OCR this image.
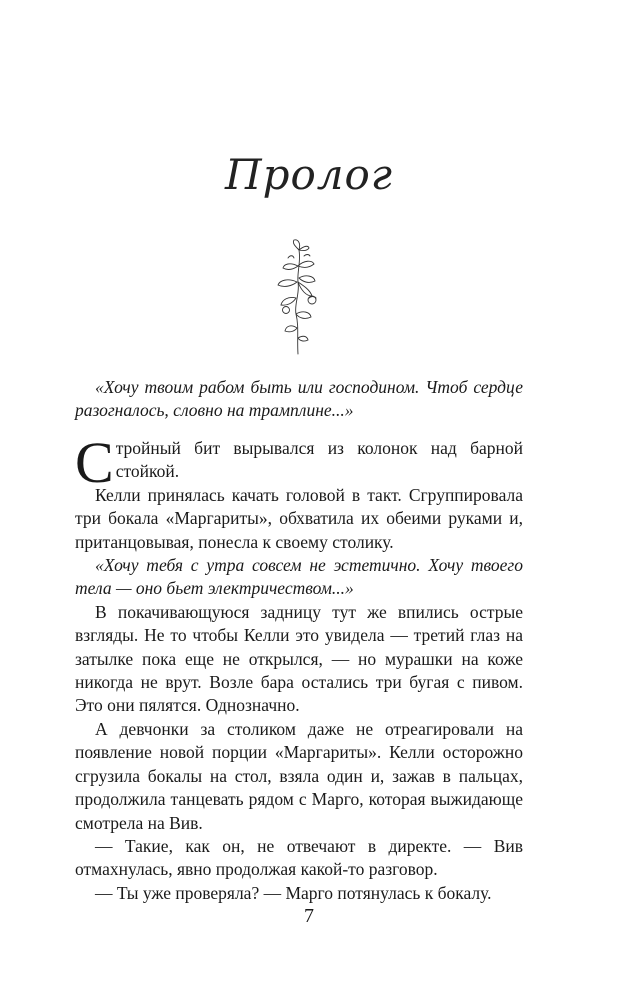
Пролог

«Хочу твоим рабом быть или господином. Чтоб сердце разогналось, словно на трамплине...»

Стройный бит вырывался из колонок над барной стойкой.

Келли принялась качать головой в такт. Сгруппировала три бокала «Маргариты», обхватила их обеими руками и, пританцовывая, понесла к своему столику.

«Хочу тебя с утра совсем не эстетично. Хочу твоего тела — оно бьет электричеством...»

В покачивающуюся задницу тут же впились острые взгляды. Не то чтобы Келли это увидела — третий глаз на затылке пока еще не открылся, — но мурашки на коже никогда не врут. Возле бара остались три бугая с пивом. Это они пялятся. Однозначно.

А девчонки за столиком даже не отреагировали на появление новой порции «Маргариты». Келли осторожно сгрузила бокалы на стол, взяла один и, зажав в пальцах, продолжила танцевать рядом с Марго, которая выжидающе смотрела на Вив.

— Такие, как он, не отвечают в директе. — Вив отмахнулась, явно продолжая какой-то разговор.

— Ты уже проверяла? — Марго потянулась к бокалу.

7
